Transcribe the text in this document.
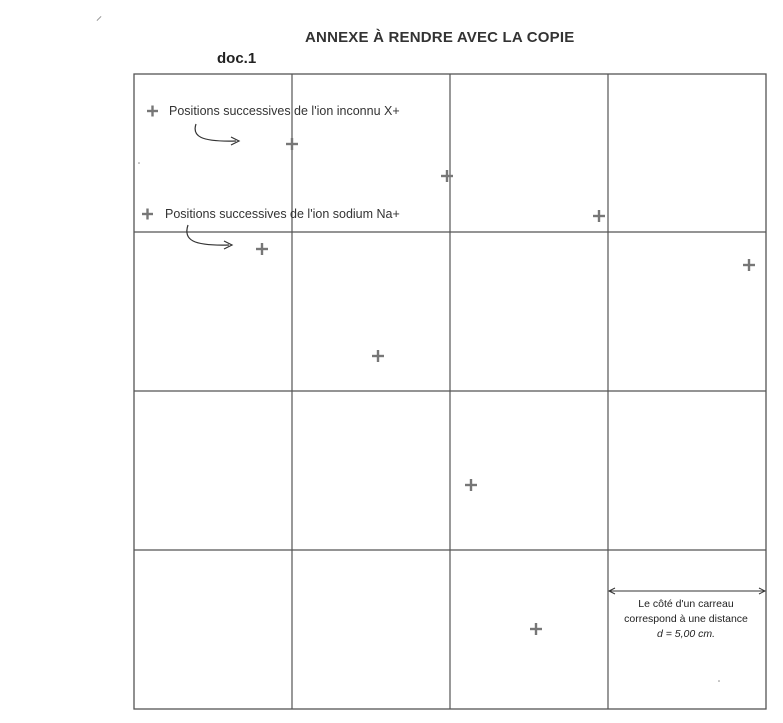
ANNEXE À RENDRE AVEC LA COPIE
doc.1
Positions successives de l'ion inconnu X+
Positions successives de l'ion sodium Na+
Le côté d'un carreau
correspond à une distance
d = 5,00 cm.
